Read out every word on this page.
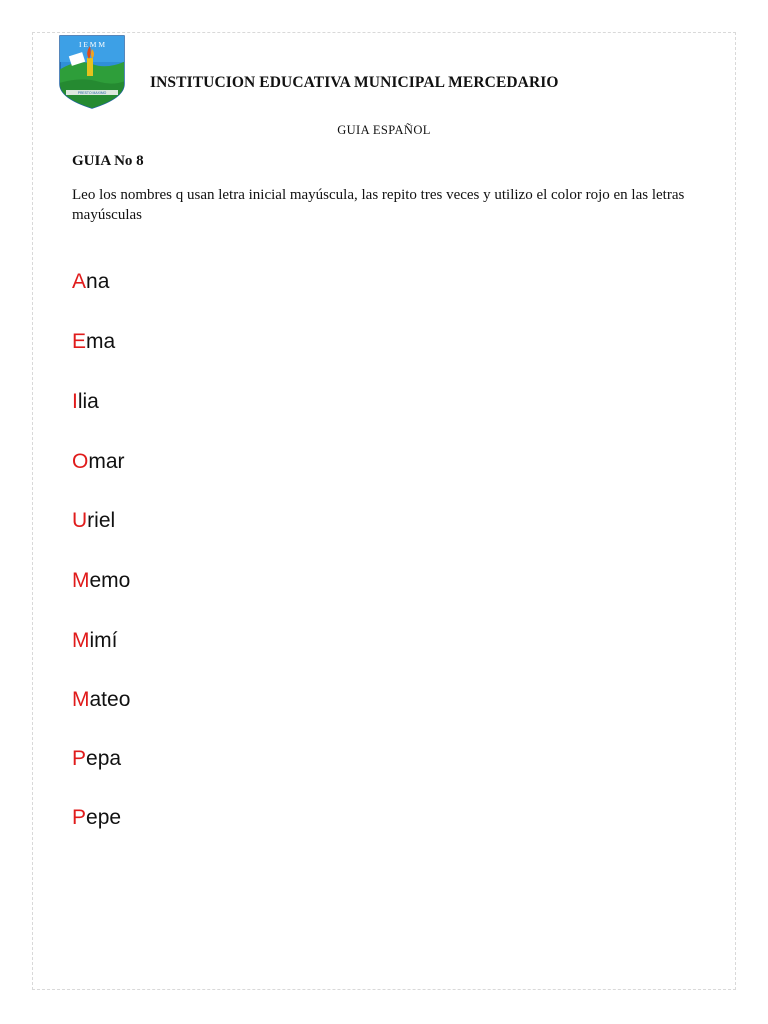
I E M M
PRESTO MAXIMO
INSTITUCION EDUCATIVA MUNICIPAL MERCEDARIO
GUIA ESPAÑOL
GUIA No 8
Leo los nombres q usan letra inicial mayúscula, las repito tres veces y utilizo el color rojo en las letras mayúsculas
Ana
Ema
Ilia
Omar
Uriel
Memo
Mimí
Mateo
Pepa
Pepe
